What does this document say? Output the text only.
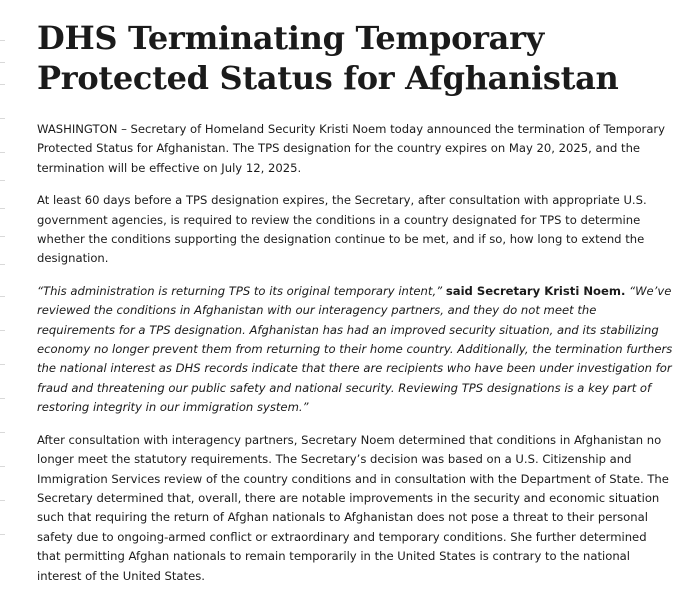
DHS Terminating Temporary Protected Status for Afghanistan

WASHINGTON – Secretary of Homeland Security Kristi Noem today announced the termination of Temporary Protected Status for Afghanistan. The TPS designation for the country expires on May 20, 2025, and the termination will be effective on July 12, 2025.

At least 60 days before a TPS designation expires, the Secretary, after consultation with appropriate U.S. government agencies, is required to review the conditions in a country designated for TPS to determine whether the conditions supporting the designation continue to be met, and if so, how long to extend the designation.

“This administration is returning TPS to its original temporary intent,” said Secretary Kristi Noem. “We’ve reviewed the conditions in Afghanistan with our interagency partners, and they do not meet the requirements for a TPS designation. Afghanistan has had an improved security situation, and its stabilizing economy no longer prevent them from returning to their home country. Additionally, the termination furthers the national interest as DHS records indicate that there are recipients who have been under investigation for fraud and threatening our public safety and national security. Reviewing TPS designations is a key part of restoring integrity in our immigration system.”

After consultation with interagency partners, Secretary Noem determined that conditions in Afghanistan no longer meet the statutory requirements. The Secretary’s decision was based on a U.S. Citizenship and Immigration Services review of the country conditions and in consultation with the Department of State. The Secretary determined that, overall, there are notable improvements in the security and economic situation such that requiring the return of Afghan nationals to Afghanistan does not pose a threat to their personal safety due to ongoing-armed conflict or extraordinary and temporary conditions. She further determined that permitting Afghan nationals to remain temporarily in the United States is contrary to the national interest of the United States.
